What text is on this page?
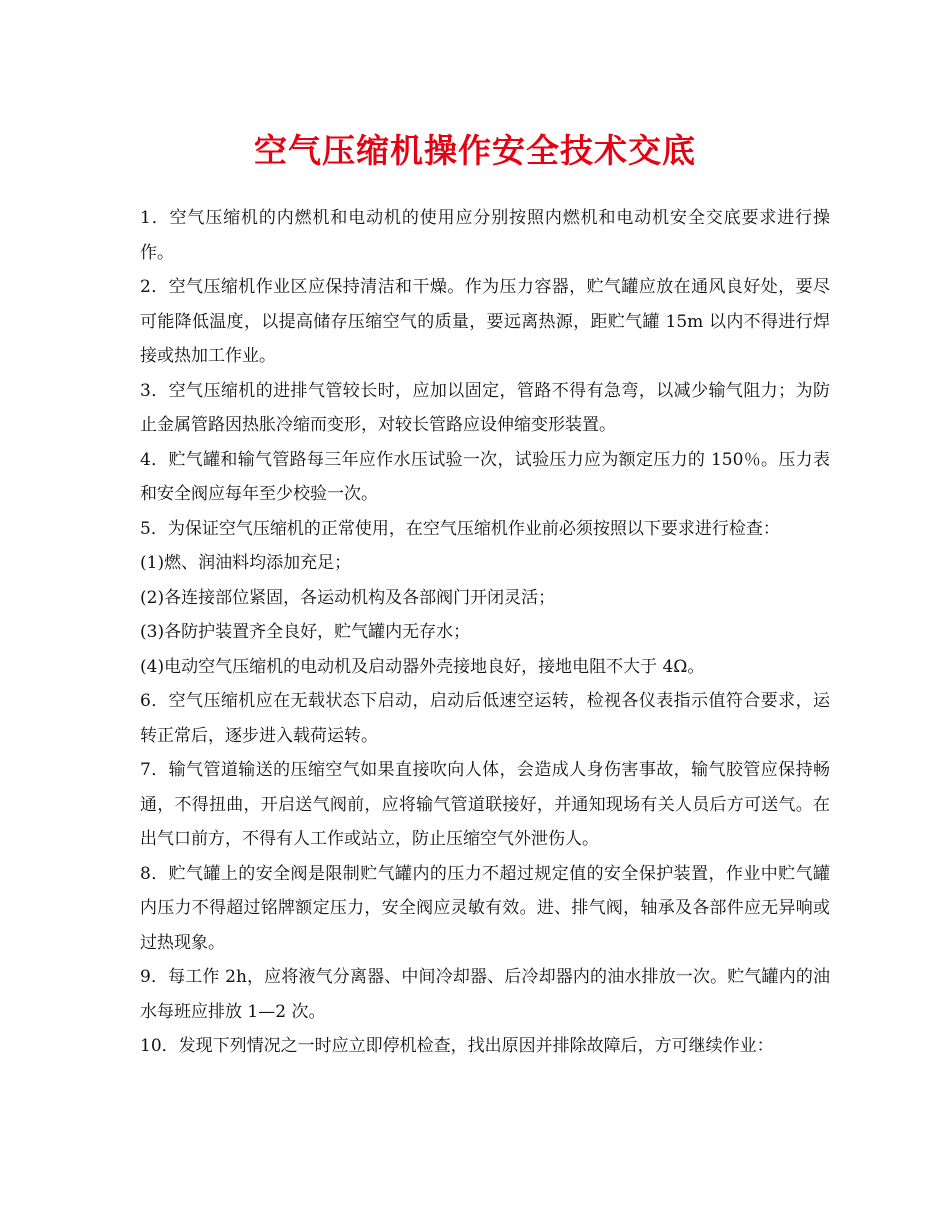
空气压缩机操作安全技术交底

1．空气压缩机的内燃机和电动机的使用应分别按照内燃机和电动机安全交底要求进行操作。

2．空气压缩机作业区应保持清洁和干燥。作为压力容器，贮气罐应放在通风良好处，要尽可能降低温度，以提高储存压缩空气的质量，要远离热源，距贮气罐 15m 以内不得进行焊接或热加工作业。

3．空气压缩机的进排气管较长时，应加以固定，管路不得有急弯，以减少输气阻力；为防止金属管路因热胀冷缩而变形，对较长管路应设伸缩变形装置。

4．贮气罐和输气管路每三年应作水压试验一次，试验压力应为额定压力的 150％。压力表和安全阀应每年至少校验一次。

5．为保证空气压缩机的正常使用，在空气压缩机作业前必须按照以下要求进行检查：

(1)燃、润油料均添加充足；

(2)各连接部位紧固，各运动机构及各部阀门开闭灵活；

(3)各防护装置齐全良好，贮气罐内无存水；

(4)电动空气压缩机的电动机及启动器外壳接地良好，接地电阻不大于 4Ω。

6．空气压缩机应在无载状态下启动，启动后低速空运转，检视各仪表指示值符合要求，运转正常后，逐步进入载荷运转。

7．输气管道输送的压缩空气如果直接吹向人体，会造成人身伤害事故，输气胶管应保持畅通，不得扭曲，开启送气阀前，应将输气管道联接好，并通知现场有关人员后方可送气。在出气口前方，不得有人工作或站立，防止压缩空气外泄伤人。

8．贮气罐上的安全阀是限制贮气罐内的压力不超过规定值的安全保护装置，作业中贮气罐内压力不得超过铭牌额定压力，安全阀应灵敏有效。进、排气阀，轴承及各部件应无异响或过热现象。

9．每工作 2h，应将液气分离器、中间冷却器、后冷却器内的油水排放一次。贮气罐内的油水每班应排放 1—2 次。

10．发现下列情况之一时应立即停机检查，找出原因并排除故障后，方可继续作业：
